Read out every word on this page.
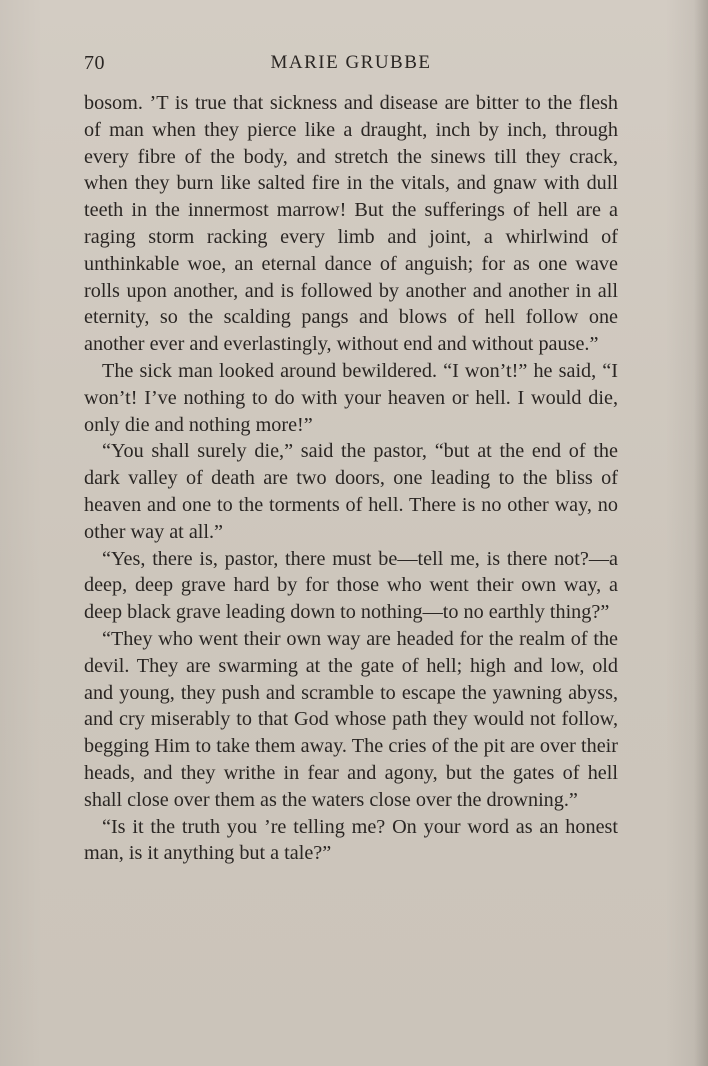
70	MARIE GRUBBE

bosom. ’T is true that sickness and disease are bitter to the flesh of man when they pierce like a draught, inch by inch, through every fibre of the body, and stretch the sinews till they crack, when they burn like salted fire in the vitals, and gnaw with dull teeth in the innermost marrow! But the sufferings of hell are a raging storm racking every limb and joint, a whirlwind of unthinkable woe, an eternal dance of anguish; for as one wave rolls upon another, and is followed by another and another in all eternity, so the scalding pangs and blows of hell follow one another ever and everlastingly, without end and without pause.”

The sick man looked around bewildered. “I won’t!” he said, “I won’t! I’ve nothing to do with your heaven or hell. I would die, only die and nothing more!”

“You shall surely die,” said the pastor, “but at the end of the dark valley of death are two doors, one leading to the bliss of heaven and one to the torments of hell. There is no other way, no other way at all.”

“Yes, there is, pastor, there must be—tell me, is there not?—a deep, deep grave hard by for those who went their own way, a deep black grave leading down to nothing—to no earthly thing?”

“They who went their own way are headed for the realm of the devil. They are swarming at the gate of hell; high and low, old and young, they push and scramble to escape the yawning abyss, and cry miserably to that God whose path they would not follow, begging Him to take them away. The cries of the pit are over their heads, and they writhe in fear and agony, but the gates of hell shall close over them as the waters close over the drowning.”

“Is it the truth you ’re telling me? On your word as an honest man, is it anything but a tale?”
